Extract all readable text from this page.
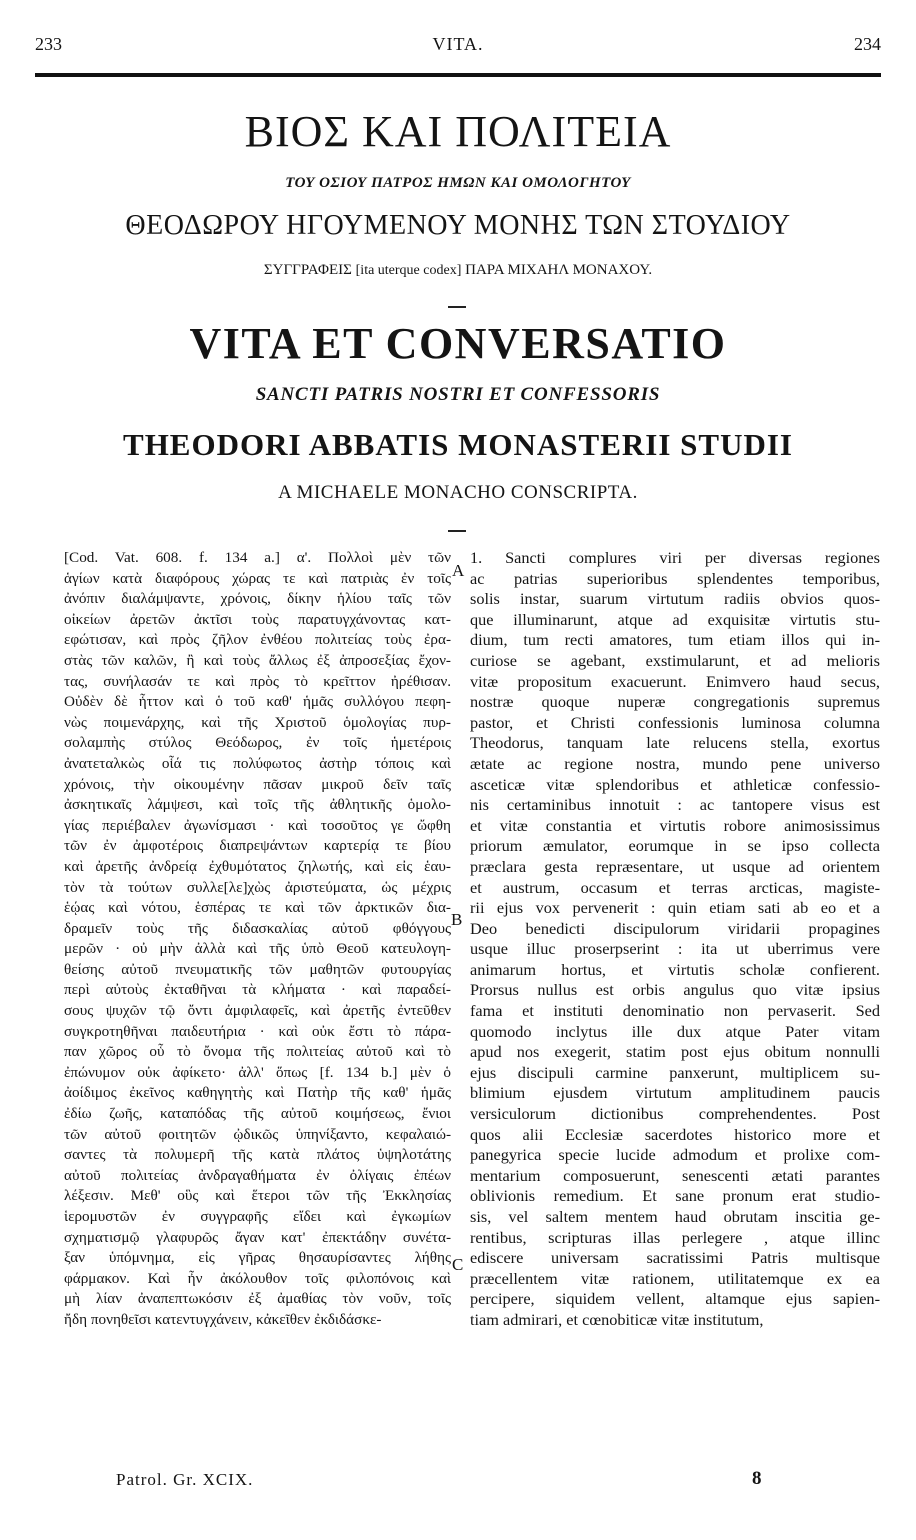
233	VITA.	234
ΒΙΟΣ ΚΑΙ ΠΟΛΙΤΕΙΑ
ΤΟΥ ΟΣΙΟΥ ΠΑΤΡΟΣ ΗΜΩΝ ΚΑΙ ΟΜΟΛΟΓΗΤΟΥ
ΘΕΟΔΩΡΟΥ ΗΓΟΥΜΕΝΟΥ ΜΟΝΗΣ ΤΩΝ ΣΤΟΥΔΙΟΥ
ΣΥΓΓΡΑΦΕΙΣ [ita uterque codex] ΠΑΡΑ ΜΙΧΑΗΛ ΜΟΝΑΧΟΥ.
VITA ET CONVERSATIO
SANCTI PATRIS NOSTRI ET CONFESSORIS
THEODORI ABBATIS MONASTERII STUDII
A MICHAELE MONACHO CONSCRIPTA.
[Cod. Vat. 608. f. 134 a.] α'. Πολλοὶ μὲν τῶν
ἁγίων κατὰ διαφόρους χώρας τε καὶ πατριὰς ἐν τοῖς
ἀνόπιν διαλάμψαντε, χρόνοις, δίκην ἡλίου ταῖς τῶν
οἰκείων ἀρετῶν ἀκτῖσι τοὺς παρατυγχάνοντας κατ-
εφώτισαν, καὶ πρὸς ζῆλον ἐνθέου πολιτείας τοὺς ἐρα-
στὰς τῶν καλῶν, ἢ καὶ τοὺς ἄλλως ἐξ ἀπροσεξίας ἔχον-
τας, συνήλασάν τε καὶ πρὸς τὸ κρεῖττον ἠρέθισαν.
Οὐδὲν δὲ ἧττον καὶ ὁ τοῦ καθ' ἡμᾶς συλλόγου πεφη-
νὼς ποιμενάρχης, καὶ τῆς Χριστοῦ ὁμολογίας πυρ-
σολαμπὴς στύλος Θεόδωρος, ἐν τοῖς ἡμετέροις
ἀνατεταλκὼς οἷά τις πολύφωτος ἀστὴρ τόποις καὶ
χρόνοις, τὴν οἰκουμένην πᾶσαν μικροῦ δεῖν ταῖς
ἀσκητικαῖς λάμψεσι, καὶ τοῖς τῆς ἀθλητικῆς ὁμολο-
γίας περιέβαλεν ἀγωνίσμασι · καὶ τοσοῦτος γε ὤφθη
τῶν ἐν ἀμφοτέροις διαπρεψάντων καρτερίᾳ τε βίου
καὶ ἀρετῆς ἀνδρείᾳ ἐχθυμότατος ζηλωτής, καὶ εἰς ἑαυ-
τὸν τὰ τούτων συλλε[λε]χὼς ἀριστεύματα, ὡς μέχρις
ἑῴας καὶ νότου, ἑσπέρας τε καὶ τῶν ἀρκτικῶν δια-
δραμεῖν τοὺς τῆς διδασκαλίας αὐτοῦ φθόγγους
μερῶν · οὐ μὴν ἀλλὰ καὶ τῆς ὑπὸ Θεοῦ κατευλογη-
θείσης αὐτοῦ πνευματικῆς τῶν μαθητῶν φυτουργίας
περὶ αὐτοὺς ἐκταθῆναι τὰ κλήματα · καὶ παραδεί-
σους ψυχῶν τῷ ὄντι ἀμφιλαφεῖς, καὶ ἀρετῆς ἐντεῦθεν
συγκροτηθῆναι παιδευτήρια · καὶ οὐκ ἔστι τὸ πάρα-
παν χῶρος οὗ τὸ ὄνομα τῆς πολιτείας αὐτοῦ καὶ τὸ
ἐπώνυμον οὐκ ἀφίκετο· ἀλλ' ὅπως [f. 134 b.] μὲν ὁ
ἀοίδιμος ἐκεῖνος καθηγητὴς καὶ Πατὴρ τῆς καθ' ἡμᾶς
ἐδίω ζωῆς, καταπόδας τῆς αὐτοῦ κοιμήσεως, ἔνιοι
τῶν αὐτοῦ φοιτητῶν ᾠδικῶς ὑπηνίξαντο, κεφαλαιώ-
σαντες τὰ πολυμερῆ τῆς κατὰ πλάτος ὑψηλοτάτης
αὐτοῦ πολιτείας ἀνδραγαθήματα ἐν ὀλίγαις ἐπέων
λέξεσιν. Μεθ' οὓς καὶ ἕτεροι τῶν τῆς Ἐκκλησίας
ἱερομυστῶν ἐν συγγραφῆς εἴδει καὶ ἐγκωμίων
σχηματισμῷ γλαφυρῶς ἄγαν κατ' ἐπεκτάδην συνέτα-
ξαν ὑπόμνημα, εἰς γῆρας θησαυρίσαντες λήθης
φάρμακον. Καὶ ἦν ἀκόλουθον τοῖς φιλοπόνοις καὶ
μὴ λίαν ἀναπεπτωκόσιν ἐξ ἀμαθίας τὸν νοῦν, τοῖς
ἤδη πονηθεῖσι κατεντυγχάνειν, κἀκεῖθεν ἐκδιδάσκε-
1. Sancti complures viri per diversas regiones
ac patrias superioribus splendentes temporibus,
solis instar, suarum virtutum radiis obvios quos-
que illuminarunt, atque ad exquisitæ virtutis stu-
dium, tum recti amatores, tum etiam illos qui in-
curiose se agebant, exstimularunt, et ad melioris
vitæ propositum exacuerunt. Enimvero haud secus,
nostræ quoque nuperæ congregationis supremus
pastor, et Christi confessionis luminosa columna
Theodorus, tanquam late relucens stella, exortus
ætate ac regione nostra, mundo pene universo
asceticæ vitæ splendoribus et athleticæ confessio-
nis certaminibus innotuit : ac tantopere visus est
et vitæ constantia et virtutis robore animosissimus
priorum æmulator, eorumque in se ipso collecta
præclara gesta repræsentare, ut usque ad orientem
et austrum, occasum et terras arcticas, magiste-
rii ejus vox pervenerit : quin etiam sati ab eo et a
Deo benedicti discipulorum viridarii propagines
usque illuc proserpserint : ita ut uberrimus vere
animarum hortus, et virtutis scholæ confierent.
Prorsus nullus est orbis angulus quo vitæ ipsius
fama et instituti denominatio non pervaserit. Sed
quomodo inclytus ille dux atque Pater vitam
apud nos exegerit, statim post ejus obitum nonnulli
ejus discipuli carmine panxerunt, multiplicem su-
blimium ejusdem virtutum amplitudinem paucis
versiculorum dictionibus comprehendentes. Post
quos alii Ecclesiæ sacerdotes historico more et
panegyrica specie lucide admodum et prolixe com-
mentarium composuerunt, senescenti ætati parantes
oblivionis remedium. Et sane pronum erat studio-
sis, vel saltem mentem haud obrutam inscitia ge-
rentibus, scripturas illas perlegere , atque illinc
ediscere universam sacratissimi Patris multisque
præcellentem vitæ rationem, utilitatemque ex ea
percipere, siquidem vellent, altamque ejus sapien-
tiam admirari, et cœnobiticæ vitæ institutum,
A
B
C
Patrol. Gr. XCIX.	8
